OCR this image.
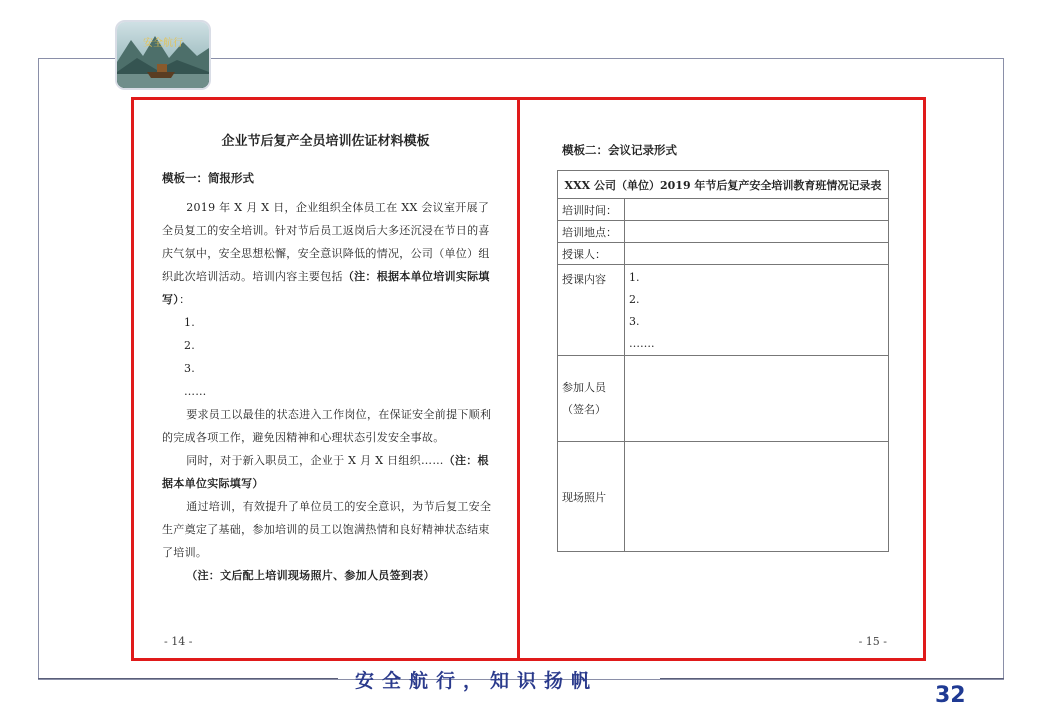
安全航行
企业节后复产全员培训佐证材料模板
模板一：简报形式
2019 年 X 月 X 日，企业组织全体员工在 XX 会议室开展了全员复工的安全培训。针对节后员工返岗后大多还沉浸在节日的喜庆气氛中，安全思想松懈，安全意识降低的情况，公司（单位）组织此次培训活动。培训内容主要包括（注：根据本单位培训实际填写）：
1.
2.
3.
……
要求员工以最佳的状态进入工作岗位，在保证安全前提下顺利的完成各项工作，避免因精神和心理状态引发安全事故。
同时，对于新入职员工，企业于 X 月 X 日组织……（注：根据本单位实际填写）
通过培训，有效提升了单位员工的安全意识，为节后复工安全生产奠定了基础，参加培训的员工以饱满热情和良好精神状态结束了培训。
（注：文后配上培训现场照片、参加人员签到表）
- 14 -
模板二：会议记录形式
XXX 公司（单位）2019 年节后复产安全培训教育班情况记录表	
培训时间：	
培训地点：	
授课人：	
授课内容	1.
2.
3.
…….

参加人员
（签名）	

现场照片	
- 15 -
安全航行，知识扬帆
32
